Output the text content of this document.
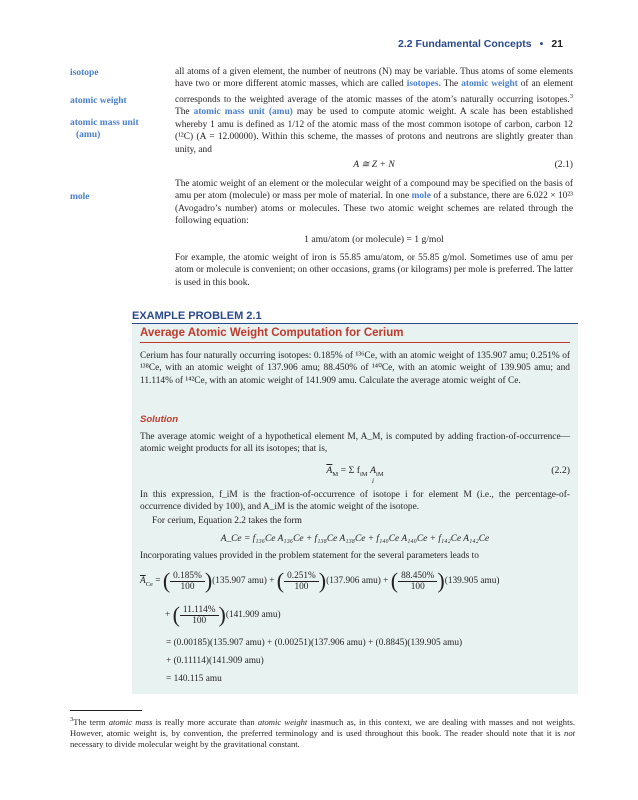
2.2 Fundamental Concepts • 21
isotope
atomic weight
atomic mass unit
(amu)
mole

all atoms of a given element, the number of neutrons (N) may be variable. Thus atoms of some elements have two or more different atomic masses, which are called isotopes. The atomic weight of an element corresponds to the weighted average of the atomic masses of the atom’s naturally occurring isotopes.$^3$ The atomic mass unit (amu) may be used to compute atomic weight. A scale has been established whereby 1 amu is defined as 1/12 of the atomic mass of the most common isotope of carbon, carbon 12 (¹²C) (A = 12.00000). Within this scheme, the masses of protons and neutrons are slightly greater than unity, and

A ≅ Z + N	(2.1)

The atomic weight of an element or the molecular weight of a compound may be specified on the basis of amu per atom (molecule) or mass per mole of material. In one mole of a substance, there are 6.022 × 10²³ (Avogadro’s number) atoms or molecules. These two atomic weight schemes are related through the following equation:

1 amu/atom (or molecule) = 1 g/mol

For example, the atomic weight of iron is 55.85 amu/atom, or 55.85 g/mol. Sometimes use of amu per atom or molecule is convenient; on other occasions, grams (or kilograms) per mole is preferred. The latter is used in this book.

EXAMPLE PROBLEM 2.1
Average Atomic Weight Computation for Cerium
Cerium has four naturally occurring isotopes: 0.185% of ¹³⁶Ce, with an atomic weight of 135.907 amu; 0.251% of ¹³⁸Ce, with an atomic weight of 137.906 amu; 88.450% of ¹⁴⁰Ce, with an atomic weight of 139.905 amu; and 11.114% of ¹⁴²Ce, with an atomic weight of 141.909 amu. Calculate the average atomic weight of Ce.
Solution
The average atomic weight of a hypothetical element M, A_M, is computed by adding fraction-of-occurrence—atomic weight products for all its isotopes; that is,
$\overline{A}_M = \Sigma$ $f_{iM}$ $A_{iM}$
i
(2.2)
In this expression, f_iM is the fraction-of-occurrence of isotope i for element M (i.e., the percentage-of-occurrence divided by 100), and A_iM is the atomic weight of the isotope.
For cerium, Equation 2.2 takes the form
A_Ce = f₁₃₆Ce A₁₃₆Ce + f₁₃₈Ce A₁₃₈Ce + f₁₄₀Ce A₁₄₀Ce + f₁₄₂Ce A₁₄₂Ce
Incorporating values provided in the problem statement for the several parameters leads to
$\overline{A}_{Ce}$ = ( $\frac{0.185\%}{100} )(135.907$ amu) + ( $\frac{0.251\%}{100} )(137.906$ amu) + ( $\frac{88.450\%}{100} )(139.905$ amu)
+ ( $\frac{11.114\%}{100} )(141.909$ amu)
= (0.00185)(135.907 amu) + (0.00251)(137.906 amu) + (0.8845)(139.905 amu)
+ (0.11114)(141.909 amu)
= 140.115 amu
$^3$The term atomic mass is really more accurate than atomic weight inasmuch as, in this context, we are dealing with masses and not weights. However, atomic weight is, by convention, the preferred terminology and is used throughout this book. The reader should note that it is not necessary to divide molecular weight by the gravitational constant.
